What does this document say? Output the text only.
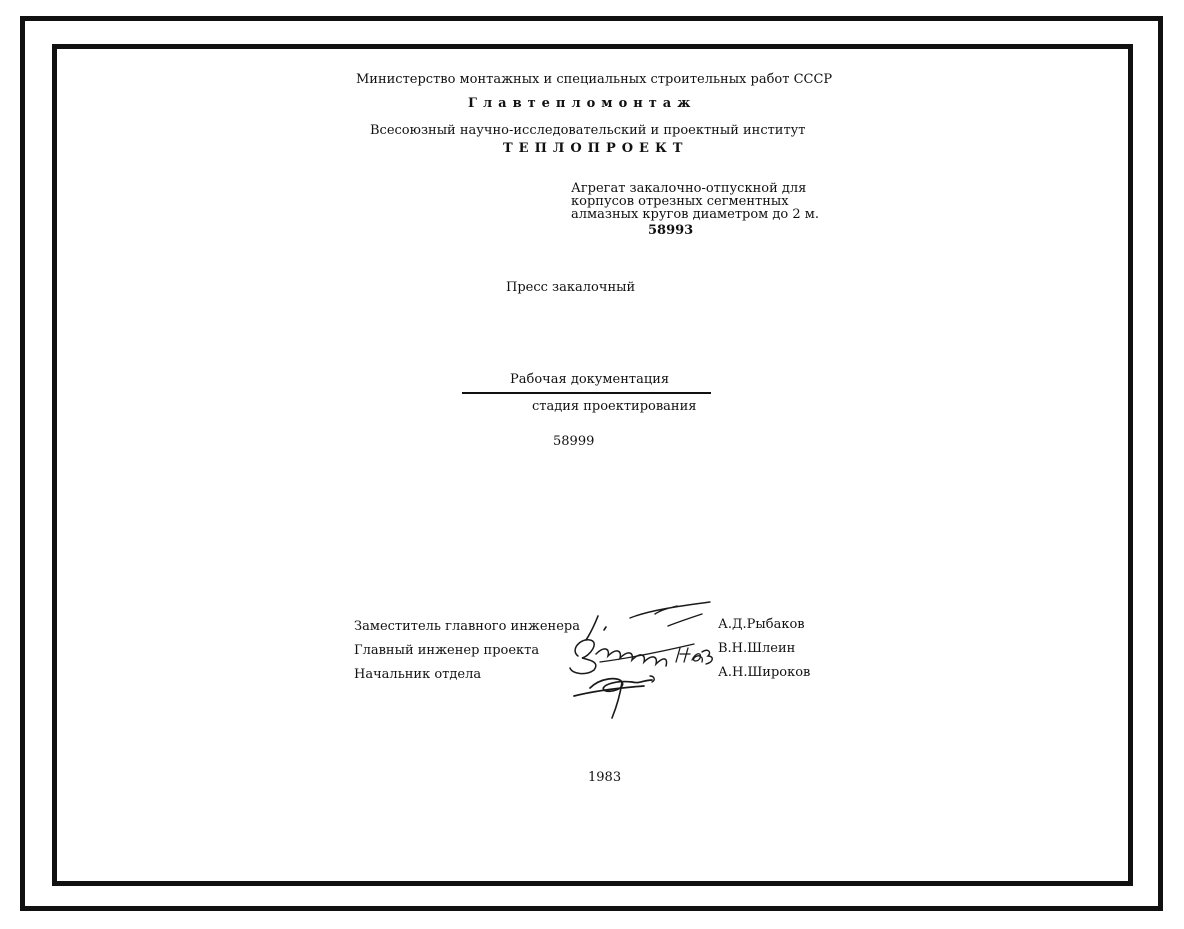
Министерство монтажных и специальных строительных работ СССР
Главтепломонтаж
Всесоюзный научно-исследовательский и проектный институт
ТЕПЛОПРОЕКТ
Агрегат закалочно-отпускной для
корпусов отрезных сегментных
алмазных кругов диаметром до 2 м.
58993
Пресс закалочный
Рабочая документация
стадия проектирования
58999
Заместитель главного инженера
Главный инженер проекта
Начальник отдела
А.Д.Рыбаков
В.Н.Шлеин
А.Н.Широков
1983
